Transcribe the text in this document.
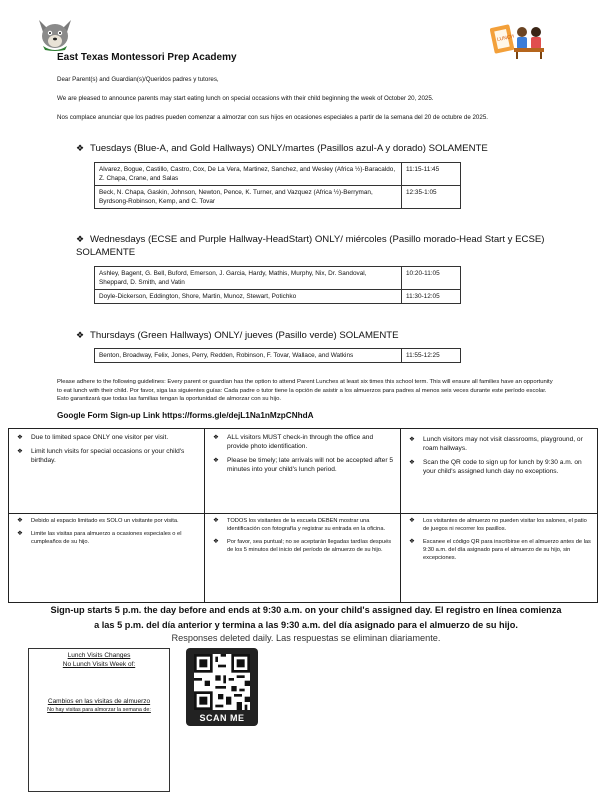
LUNCH
East Texas Montessori Prep Academy
Dear Parent(s) and Guardian(s)/Queridos padres y tutores,
We are pleased to announce parents may start eating lunch on special occasions with their child beginning the week of October 20, 2025.
Nos complace anunciar que los padres pueden comenzar a almorzar con sus hijos en ocasiones especiales a partir de la semana del 20 de octubre de 2025.
❖ Tuesdays (Blue-A, and Gold Hallways) ONLY/martes (Pasillos azul-A y dorado) SOLAMENTE
Alvarez, Bogue, Castillo, Castro, Cox, De La Vera, Martinez, Sanchez, and Wesley (Africa ½)-Baracaldo, Z. Chapa, Crane, and Salas	11:15-11:45
Beck, N. Chapa, Gaskin, Johnson, Newton, Pence, K. Turner, and Vazquez (Africa ½)-Berryman, Byrdsong-Robinson, Kemp, and C. Tovar	12:35-1:05
❖ Wednesdays (ECSE and Purple Hallway-HeadStart) ONLY/ miércoles (Pasillo morado-Head Start y ECSE) SOLAMENTE
Ashley, Bagent, G. Bell, Buford, Emerson, J. Garcia, Hardy, Mathis, Murphy, Nix, Dr. Sandoval, Sheppard, D. Smith, and Vatin	10:20-11:05
Doyle-Dickerson, Eddington, Shore, Martin, Munoz, Stewart, Potichko	11:30-12:05
❖ Thursdays (Green Hallways) ONLY/ jueves (Pasillo verde) SOLAMENTE
Benton, Broadway, Felix, Jones, Perry, Redden, Robinson, F. Tovar, Wallace, and Watkins	11:55-12:25
Please adhere to the following guidelines: Every parent or guardian has the option to attend Parent Lunches at least six times this school term. This will ensure all families have an opportunity to eat lunch with their child. Por favor, siga las siguientes guías: Cada padre o tutor tiene la opción de asistir a los almuerzos para padres al menos seis veces durante este período escolar. Esto garantizará que todas las familias tengan la oportunidad de almorzar con su hijo.
Google Form Sign-up Link https://forms.gle/dejL1Na1nMzpCNhdA
❖ Due to limited space ONLY one visitor per visit.
❖ Limit lunch visits for special occasions or your child's birthday.
❖ ALL visitors MUST check-in through the office and provide photo identification.
❖ Please be timely; late arrivals will not be accepted after 5 minutes into your child's lunch period.
❖ Lunch visitors may not visit classrooms, playground, or roam hallways.
❖ Scan the QR code to sign up for lunch by 9:30 a.m. on your child's assigned lunch day no exceptions.
❖ Debido al espacio limitado es SOLO un visitante por visita.
❖ Limite las visitas para almuerzo a ocasiones especiales o el cumpleaños de su hijo.
❖ TODOS los visitantes de la escuela DEBEN mostrar una identificación con fotografía y registrar su entrada en la oficina.
❖ Por favor, sea puntual; no se aceptarán llegadas tardías después de los 5 minutos del inicio del período de almuerzo de su hijo.
❖ Los visitantes de almuerzo no pueden visitar los salones, el patio de juegos ni recorrer los pasillos.
❖ Escanee el código QR para inscribirse en el almuerzo antes de las 9:30 a.m. del día asignado para el almuerzo de su hijo, sin excepciones.
Sign-up starts 5 p.m. the day before and ends at 9:30 a.m. on your child's assigned day. El registro en línea comienza
a las 5 p.m. del día anterior y termina a las 9:30 a.m. del día asignado para el almuerzo de su hijo.
Responses deleted daily. Las respuestas se eliminan diariamente.
Lunch Visits Changes
No Lunch Visits Week of:
Cambios en las visitas de almuerzo
No hay visitas para almorzar la semana de:
SCAN ME
